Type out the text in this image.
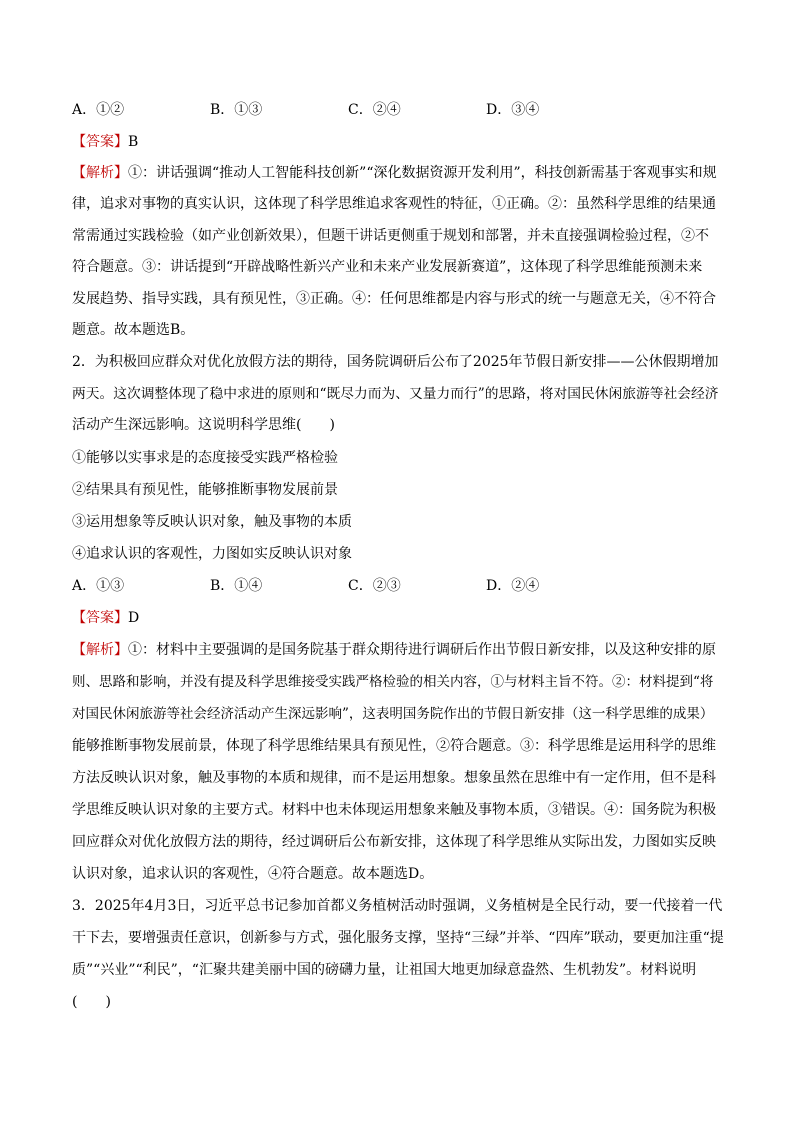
A．①②	B．①③	C．②④	D．③④
【答案】B
【解析】①：讲话强调“推动人工智能科技创新”“深化数据资源开发利用”，科技创新需基于客观事实和规
律，追求对事物的真实认识，这体现了科学思维追求客观性的特征，①正确。②：虽然科学思维的结果通
常需通过实践检验（如产业创新效果），但题干讲话更侧重于规划和部署，并未直接强调检验过程，②不
符合题意。③：讲话提到“开辟战略性新兴产业和未来产业发展新赛道”，这体现了科学思维能预测未来
发展趋势、指导实践，具有预见性，③正确。④：任何思维都是内容与形式的统一与题意无关，④不符合
题意。故本题选B。
2．为积极回应群众对优化放假方法的期待，国务院调研后公布了2025年节假日新安排——公休假期增加
两天。这次调整体现了稳中求进的原则和“既尽力而为、又量力而行”的思路，将对国民休闲旅游等社会经济
活动产生深远影响。这说明科学思维(　　)
①能够以实事求是的态度接受实践严格检验
②结果具有预见性，能够推断事物发展前景
③运用想象等反映认识对象，触及事物的本质
④追求认识的客观性，力图如实反映认识对象
A．①③	B．①④	C．②③	D．②④
【答案】D
【解析】①：材料中主要强调的是国务院基于群众期待进行调研后作出节假日新安排，以及这种安排的原
则、思路和影响，并没有提及科学思维接受实践严格检验的相关内容，①与材料主旨不符。②：材料提到“将
对国民休闲旅游等社会经济活动产生深远影响”，这表明国务院作出的节假日新安排（这一科学思维的成果）
能够推断事物发展前景，体现了科学思维结果具有预见性，②符合题意。③：科学思维是运用科学的思维
方法反映认识对象，触及事物的本质和规律，而不是运用想象。想象虽然在思维中有一定作用，但不是科
学思维反映认识对象的主要方式。材料中也未体现运用想象来触及事物本质，③错误。④：国务院为积极
回应群众对优化放假方法的期待，经过调研后公布新安排，这体现了科学思维从实际出发，力图如实反映
认识对象，追求认识的客观性，④符合题意。故本题选D。
3．2025年4月3日，习近平总书记参加首都义务植树活动时强调，义务植树是全民行动，要一代接着一代
干下去，要增强责任意识，创新参与方式，强化服务支撑，坚持“三绿”并举、“四库”联动，要更加注重“提
质”“兴业”“利民”，“汇聚共建美丽中国的磅礴力量，让祖国大地更加绿意盎然、生机勃发”。材料说明
(　　)
